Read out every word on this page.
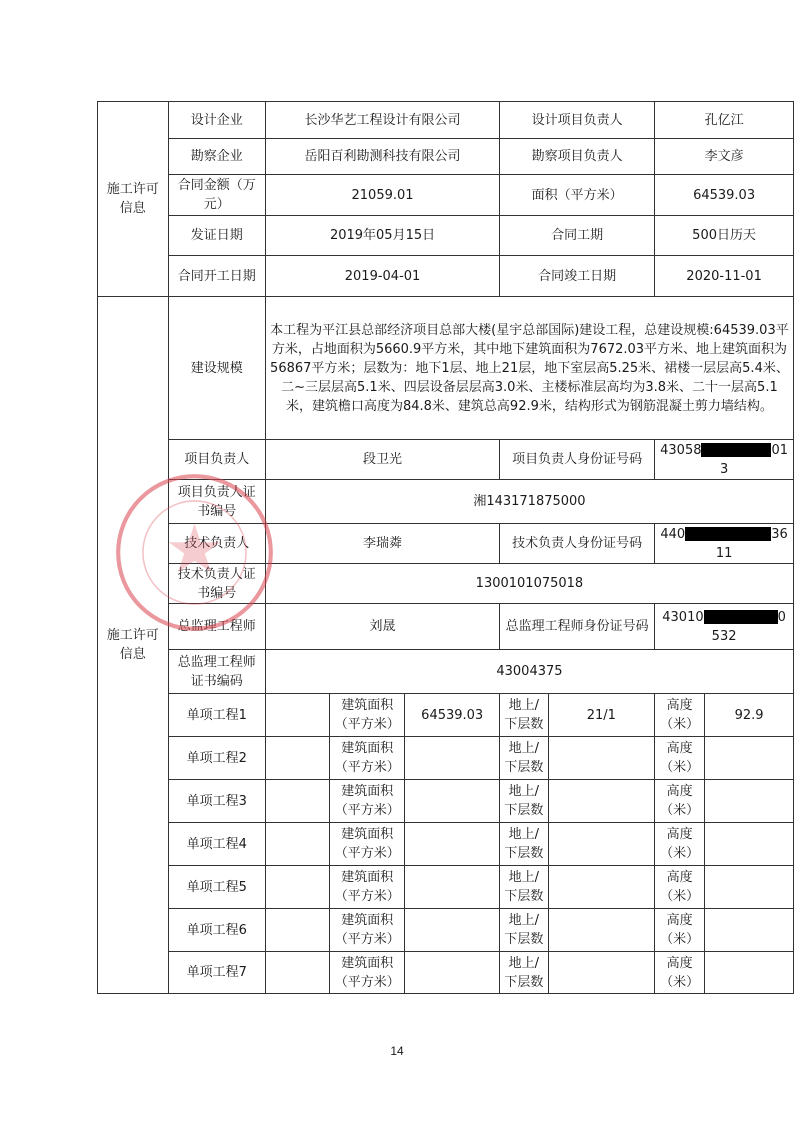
施工许可信息	设计企业	长沙华艺工程设计有限公司			设计项目负责人		孔亿江	
	勘察企业	岳阳百利勘测科技有限公司			勘察项目负责人		李文彦	
	合同金额（万元）	21059.01			面积（平方米）		64539.03	
	发证日期	2019年05月15日			合同工期		500日历天	
	合同开工日期	2019-04-01			合同竣工日期		2020-11-01	
施工许可信息	建设规模	本工程为平江县总部经济项目总部大楼(星宇总部国际)建设工程，总建设规模:64539.03平方米，占地面积为5660.9平方米，其中地下建筑面积为7672.03平方米、地上建筑面积为56867平方米；层数为：地下1层、地上21层，地下室层高5.25米、裙楼一层层高5.4米、二~三层层高5.1米、四层设备层层高3.0米、主楼标准层高均为3.8米、二十一层高5.1米，建筑檐口高度为84.8米、建筑总高92.9米，结构形式为钢筋混凝土剪力墙结构。						
	项目负责人	段卫光			项目负责人身份证号码		43058 013	
	项目负责人证书编号	湘143171875000						
	技术负责人	李瑞粦			技术负责人身份证号码		440 3611	
	技术负责人证书编号	1300101075018						
	总监理工程师	刘晟			总监理工程师身份证号码		43010 0532	
	总监理工程师证书编码	43004375						
	单项工程1		建筑面积（平方米）	64539.03	地上/下层数	21/1	高度（米）	92.9
	单项工程2		建筑面积（平方米）		地上/下层数		高度（米）	
	单项工程3		建筑面积（平方米）		地上/下层数		高度（米）	
	单项工程4		建筑面积（平方米）		地上/下层数		高度（米）	
	单项工程5		建筑面积（平方米）		地上/下层数		高度（米）	
	单项工程6		建筑面积（平方米）		地上/下层数		高度（米）	
	单项工程7		建筑面积（平方米）		地上/下层数		高度（米）	
14
